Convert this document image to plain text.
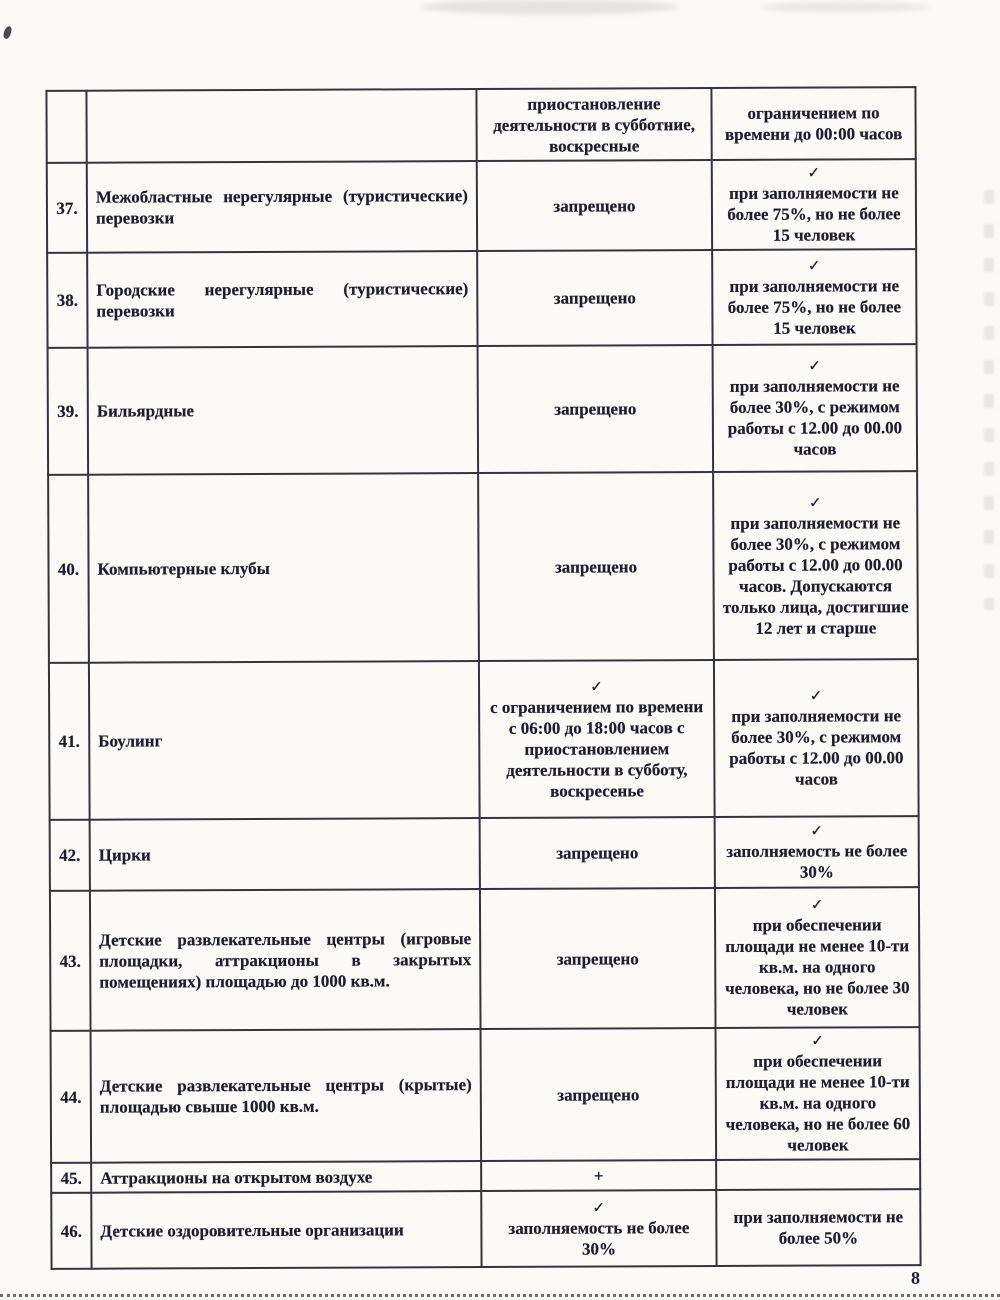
		приостановление деятельности в субботние, воскресные	ограничением по времени до 00:00 часов
37.	Межобластные нерегулярные (туристические) перевозки	запрещено	✓
при заполняемости не более 75%, но не более 15 человек

38.	Городские нерегулярные (туристические) перевозки	запрещено	✓
при заполняемости не более 75%, но не более 15 человек

39.	Бильярдные	запрещено	✓
при заполняемости не более 30%, с режимом работы с 12.00 до 00.00 часов

40.	Компьютерные клубы	запрещено	✓
при заполняемости не более 30%, с режимом работы с 12.00 до 00.00 часов. Допускаются только лица, достигшие 12 лет и старше

41.	Боулинг	✓
с ограничением по времени с 06:00 до 18:00 часов с приостановлением деятельности в субботу, воскресенье	✓
при заполняемости не более 30%, с режимом работы с 12.00 до 00.00 часов

42.	Цирки	запрещено	✓
заполняемость не более 30%

43.	Детские развлекательные центры (игровые площадки, аттракционы в закрытых помещениях) площадью до 1000 кв.м.	запрещено	✓
при обеспечении площади не менее 10-ти кв.м. на одного человека, но не более 30 человек

44.	Детские развлекательные центры (крытые) площадью свыше 1000 кв.м.	запрещено	✓
при обеспечении площади не менее 10-ти кв.м. на одного человека, но не более 60 человек

45.	Аттракционы на открытом воздухе	+	

46.	Детские оздоровительные организации	✓
заполняемость не более 30%	при заполняемости не более 50%
8
